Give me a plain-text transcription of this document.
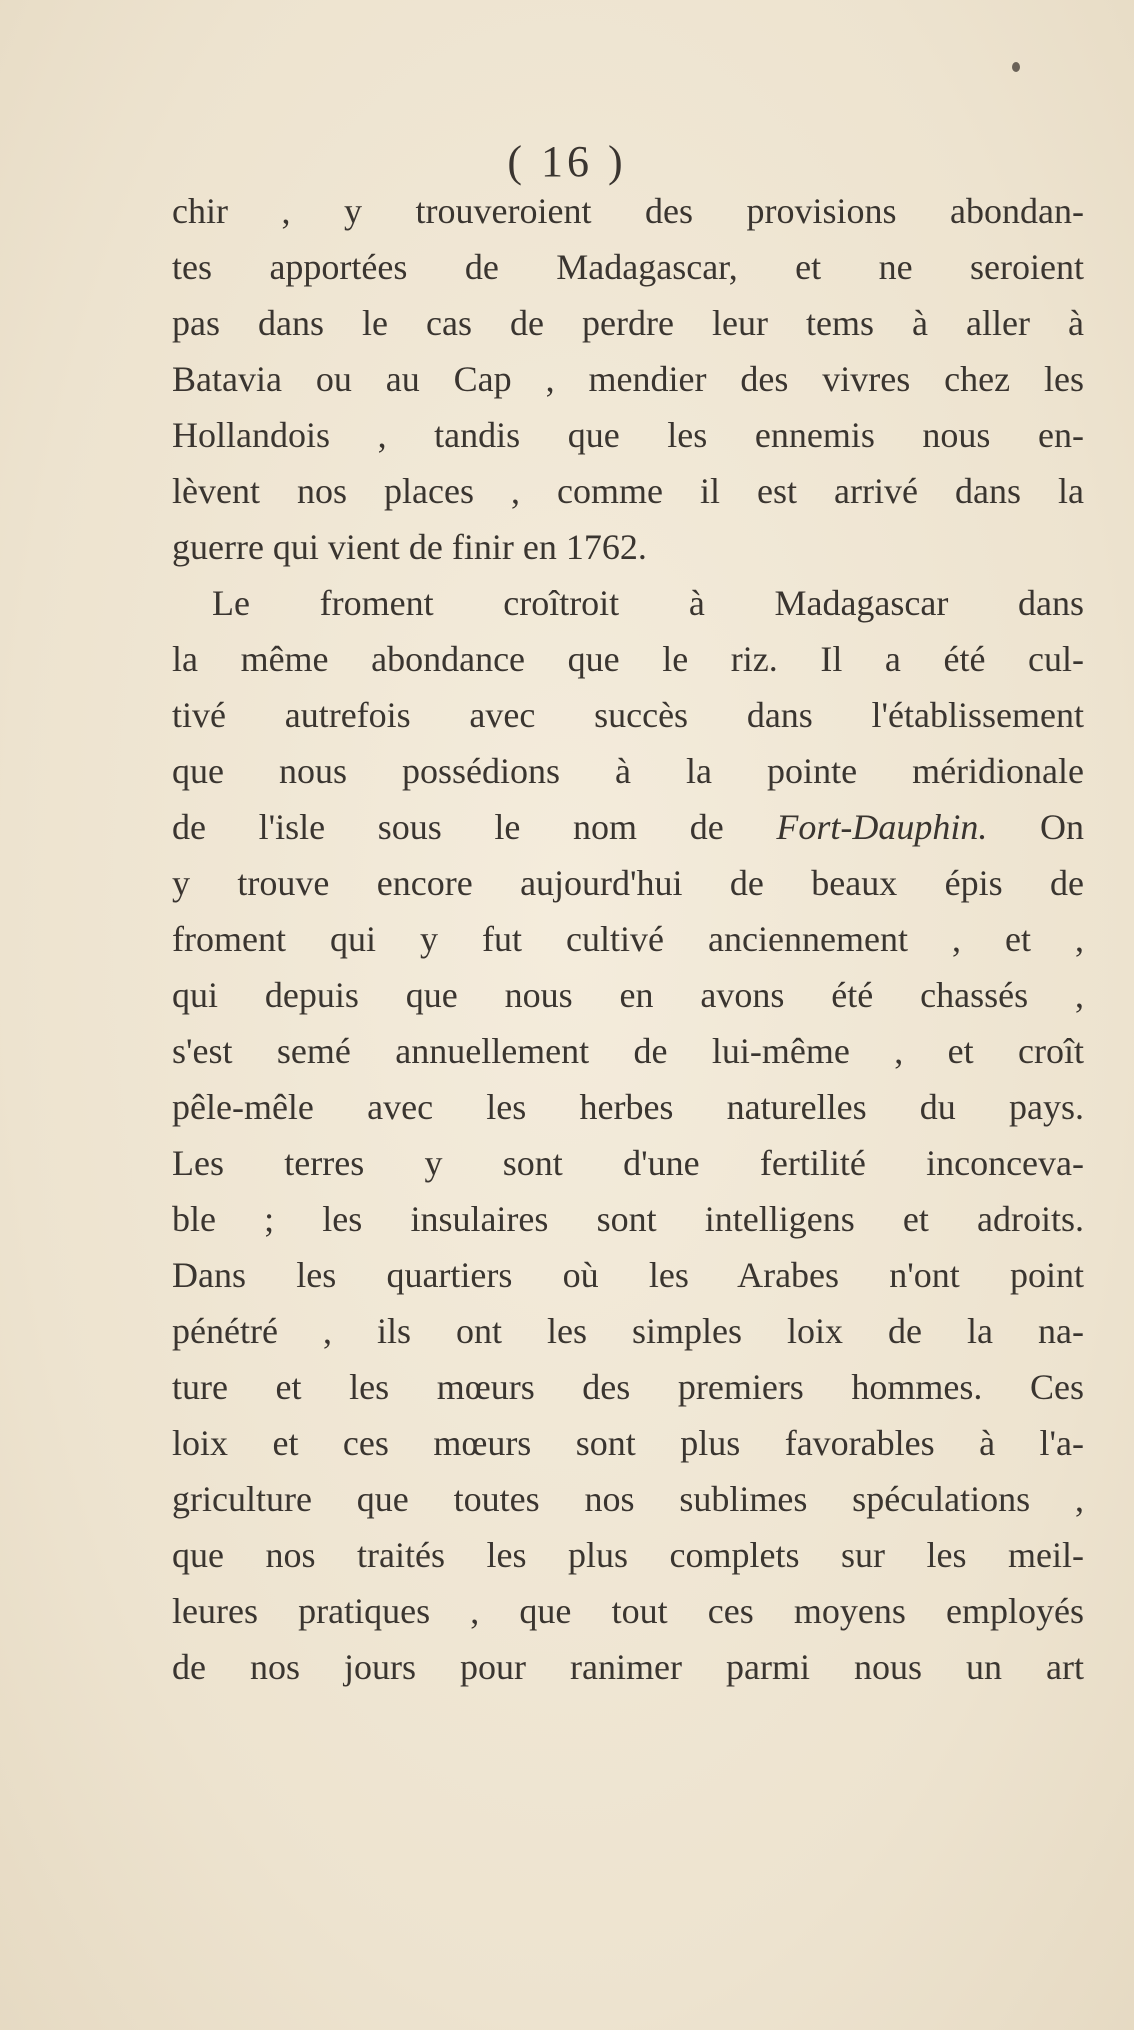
( 16 )
chir , y trouveroient des provisions abondan-
tes apportées de Madagascar, et ne seroient
pas dans le cas de perdre leur tems à aller à
Batavia ou au Cap , mendier des vivres chez les
Hollandois , tandis que les ennemis nous en-
lèvent nos places , comme il est arrivé dans la
guerre qui vient de finir en 1762.
Le froment croîtroit à Madagascar dans
la même abondance que le riz. Il a été cul-
tivé autrefois avec succès dans l'établissement
que nous possédions à la pointe méridionale
de l'isle sous le nom de Fort-Dauphin. On
y trouve encore aujourd'hui de beaux épis de
froment qui y fut cultivé anciennement , et ,
qui depuis que nous en avons été chassés ,
s'est semé annuellement de lui-même , et croît
pêle-mêle avec les herbes naturelles du pays.
Les terres y sont d'une fertilité inconceva-
ble ; les insulaires sont intelligens et adroits.
Dans les quartiers où les Arabes n'ont point
pénétré , ils ont les simples loix de la na-
ture et les mœurs des premiers hommes. Ces
loix et ces mœurs sont plus favorables à l'a-
griculture que toutes nos sublimes spéculations ,
que nos traités les plus complets sur les meil-
leures pratiques , que tout ces moyens employés
de nos jours pour ranimer parmi nous un art
